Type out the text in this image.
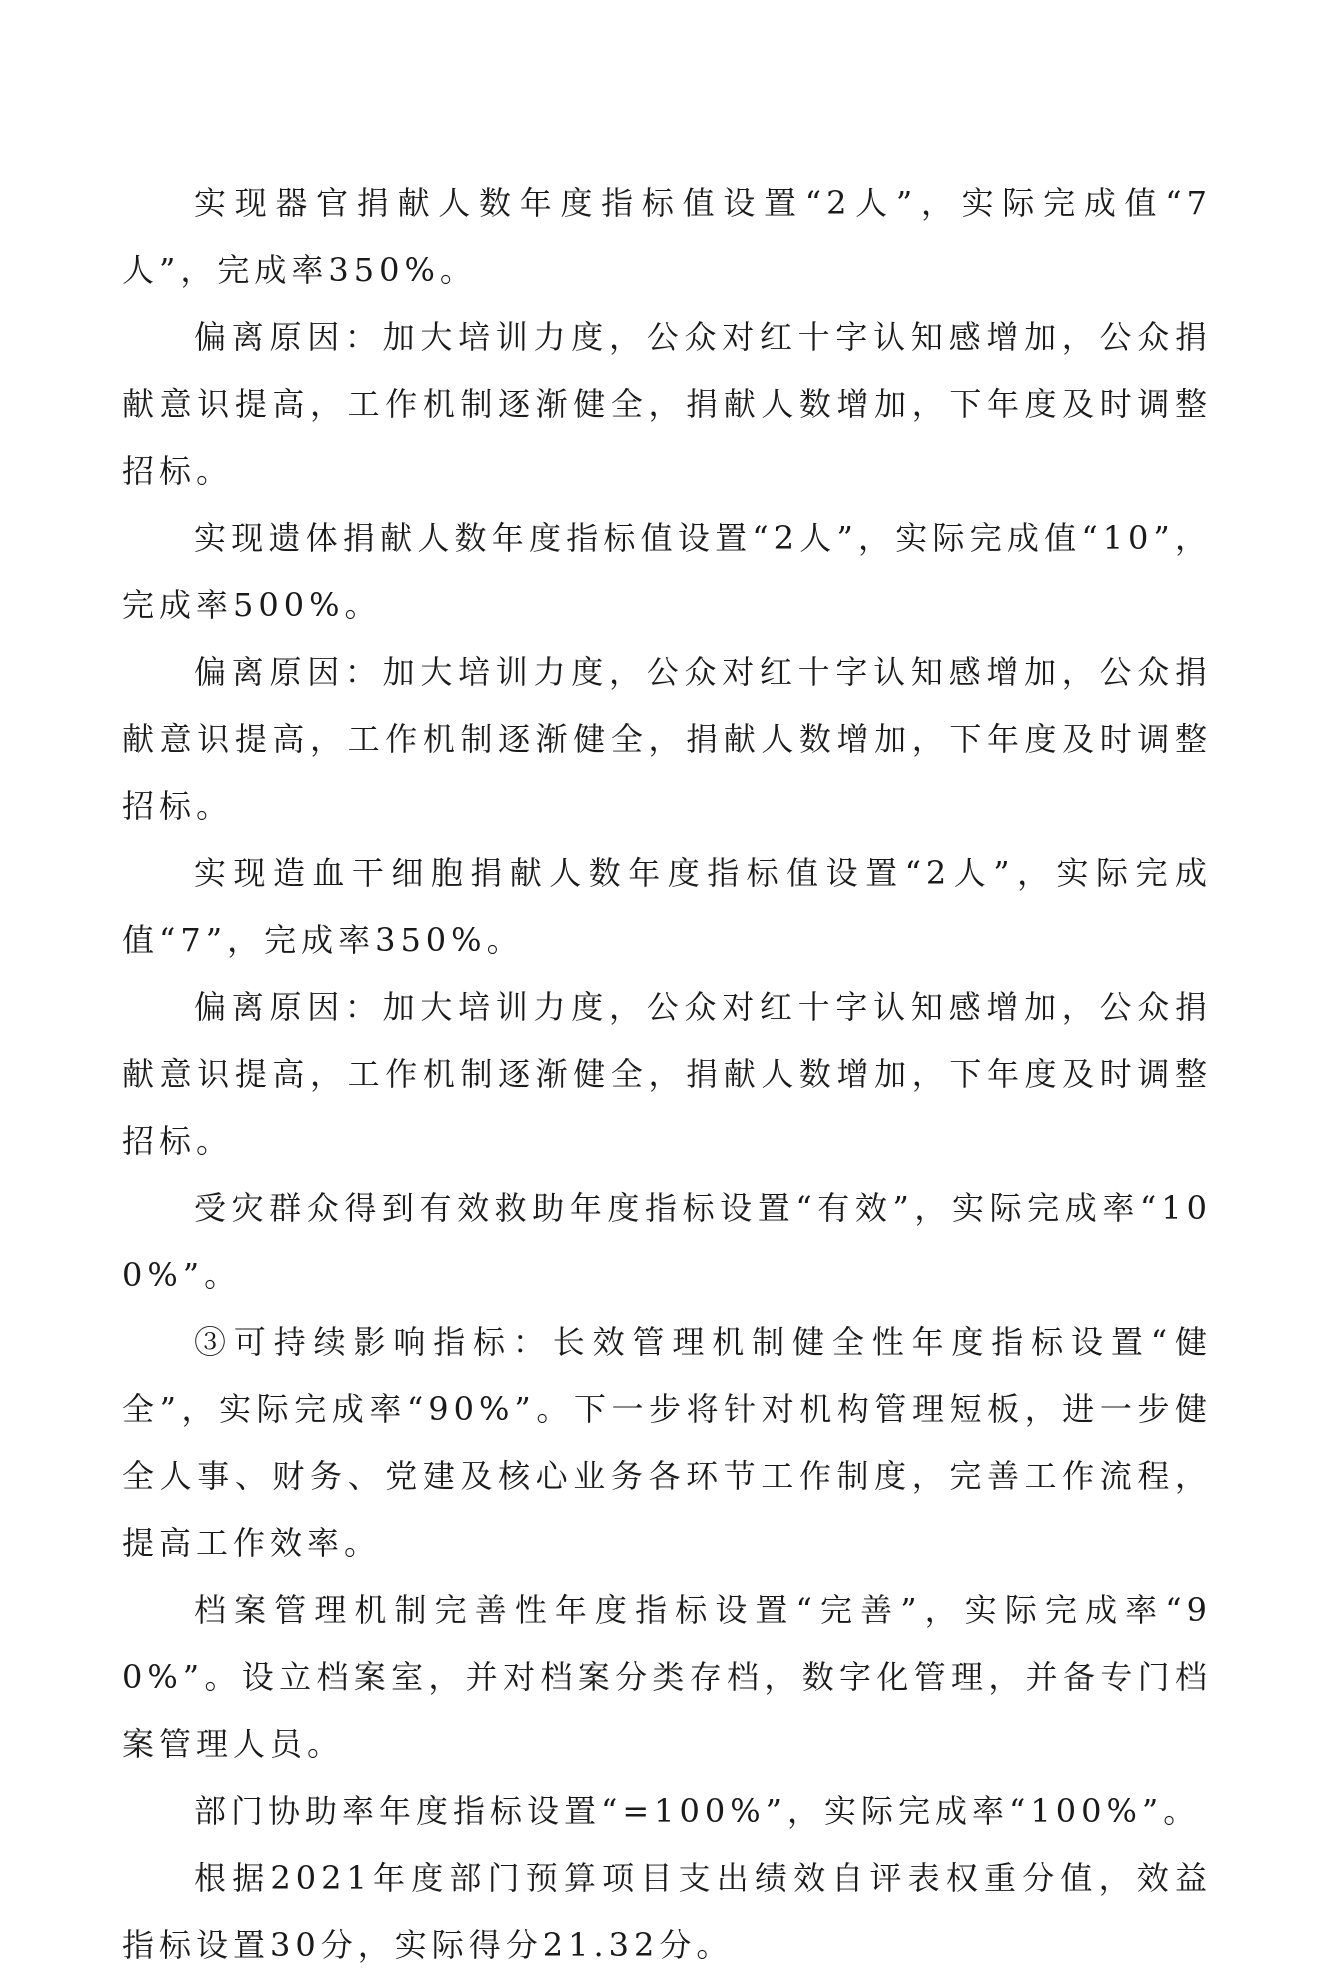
实现器官捐献人数年度指标值设置“2人”，实际完成值“7人”，完成率350%。

偏离原因：加大培训力度，公众对红十字认知感增加，公众捐献意识提高，工作机制逐渐健全，捐献人数增加，下年度及时调整招标。

实现遗体捐献人数年度指标值设置“2人”，实际完成值“10”，完成率500%。

偏离原因：加大培训力度，公众对红十字认知感增加，公众捐献意识提高，工作机制逐渐健全，捐献人数增加，下年度及时调整招标。

实现造血干细胞捐献人数年度指标值设置“2人”，实际完成值“7”，完成率350%。

偏离原因：加大培训力度，公众对红十字认知感增加，公众捐献意识提高，工作机制逐渐健全，捐献人数增加，下年度及时调整招标。

受灾群众得到有效救助年度指标设置“有效”，实际完成率“100%”。

③可持续影响指标：长效管理机制健全性年度指标设置“健全”，实际完成率“90%”。下一步将针对机构管理短板，进一步健全人事、财务、党建及核心业务各环节工作制度，完善工作流程，提高工作效率。

档案管理机制完善性年度指标设置“完善”，实际完成率“90%”。设立档案室，并对档案分类存档，数字化管理，并备专门档案管理人员。

部门协助率年度指标设置“=100%”，实际完成率“100%”。

根据2021年度部门预算项目支出绩效自评表权重分值，效益指标设置30分，实际得分21.32分。
